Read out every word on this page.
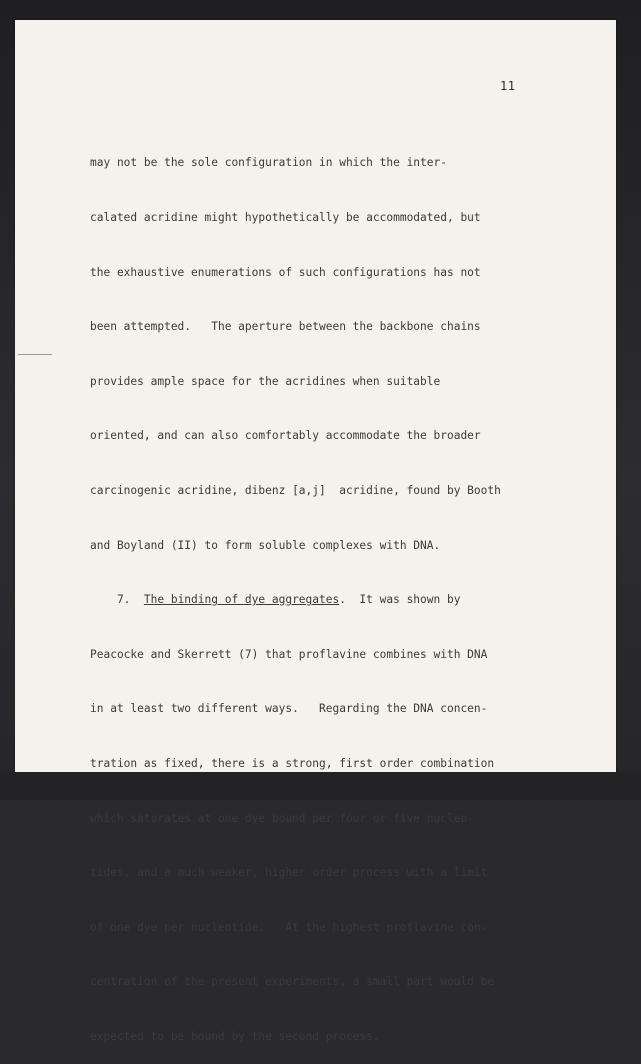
11

may not be the sole configuration in which the inter-

calated acridine might hypothetically be accommodated, but

the exhaustive enumerations of such configurations has not

been attempted.   The aperture between the backbone chains

provides ample space for the acridines when suitable

oriented, and can also comfortably accommodate the broader

carcinogenic acridine, dibenz [a,j]  acridine, found by Booth

and Boyland (II) to form soluble complexes with DNA.

7.  The binding of dye aggregates.  It was shown by

Peacocke and Skerrett (7) that proflavine combines with DNA

in at least two different ways.   Regarding the DNA concen-

tration as fixed, there is a strong, first order combination

which saturates at one dye bound per four or five nucleo-

tides, and a much weaker, higher order process with a limit

of one dye per nucleotide.   At the highest proflavine con-

centration of the present experiments, a small part would be

expected to be bound by the second process.
